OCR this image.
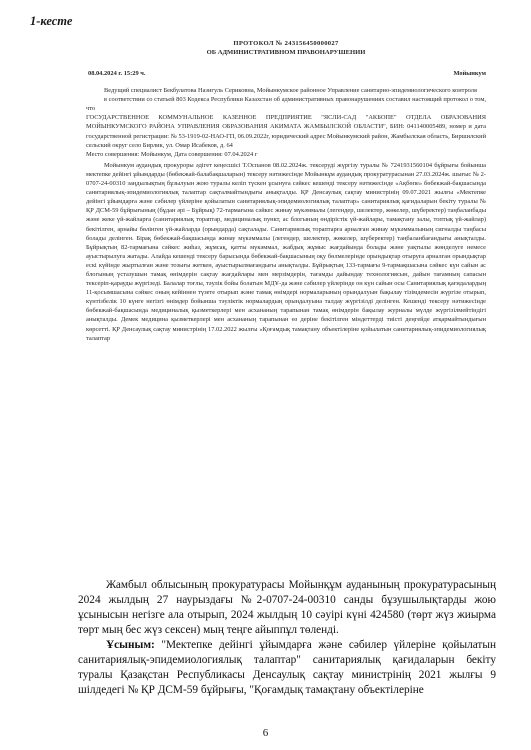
1-кесте
ПРОТОКОЛ № 243156450000027
ОБ АДМИНИСТРАТИВНОМ ПРАВОНАРУШЕНИИ
08.04.2024 г. 15:29 ч.	Мойынкум

Ведущий специалист Бекбулатова Назигуль Сериковна, Мойынкумское районное Управление санитарно-эпидемиологического контроля

в соответствии со статьей 803 Кодекса Республики Казахстан об административных правонарушениях составил настоящий протокол о том, что

ГОСУДАРСТВЕННОЕ КОММУНАЛЬНОЕ КАЗЕННОЕ ПРЕДПРИЯТИЕ "ЯСЛИ-САД "АКБОПЕ" ОТДЕЛА ОБРАЗОВАНИЯ МОЙЫНКУМСКОГО РАЙОНА УПРАВЛЕНИЯ ОБРАЗОВАНИЯ АКИМАТА ЖАМБЫЛСКОЙ ОБЛАСТИ", БИН: 041140005489, номер и дата государственной регистрации: № 53-1919-02-НАО-ГП, 06.09.2022г, юридический адрес Мойынкумский район, Жамбылская область, Биршилский сельский округ село Бирлик, ул. Омар Исабеков, д. 64

Место совершения: Мойынкум, Дата совершения: 07.04.2024 г

Мойынкум аудандық прокуроры әдігет кеңесшісі Т.Оспанов 08.02.2024ж. тексеруді жүргізу туралы № 7241931560104 бұйрығы бойынша мектепке дейінгі ұйымдарды (бөбекжай-балабақшаларын) тексеру нәтижесінде Мойынкұм аудандық прокуратурасынан 27.03.2024ж. шығыс № 2-0707-24-00310 заңдылықтың бұзылуын жою туралы келіп түскен ұсынуға сәйкес кешенді тексеру нәтижесінде «Ақбөпе» бөбекжай-бақшасында санитариялық-эпидемиологиялық талаптар сақталмайтындығы анықталды. ҚР Денсаулық сақтау министрінің 09.07.2021 жылғы «Мектепке дейінгі ұйымдарға және сәбилер үйлеріне қойылатын санитариялық-эпидемиологиялық талаптар» санитариялық қағидаларын бекіту туралы № ҚР ДСМ-59 бұйрығының (бұдан әрі – Бұйрық) 72-тармағына сәйкес жинау мүкәммалы (легендер, шелектер, жөкелер, шүберектер) таңбаланбады және жеке үй-жайларға (санитариялық тораптар, медициналық пункт, ас блогының өндірістік үй-жайлары, тамақтану залы, топтық үй-жайлар) бекітілген, арнайы бөлінген үй-жайларда (орындарда) сақталады. Санитариялық тораптарға арналған жинау мүкәммалының сигналды таңбасы болады делінген. Бірақ бөбекжай-бақшасында жинау мүкәммалы (легендер, шелектер, жөкелер, шүберектер) таңбаланбағандығы анықталды. Бұйрықтың 82-тармағына сәйкес жиһаз, жұмсақ, қатты мүкәммал, жабдық жұмыс жағдайында болады және уақтылы жөнделуге немесе ауыстырылуға жатады. Алайда кешенді тексеру барысында бөбекжай-бақшасының оқу бөлмелерінде орындықтар отыруға арналған орындықтар ескі күйінде жыртылған және тозығы жеткен, ауыстырылмағандығы анықталды. Бұйрықтың 133-тармағы 9-тармақшасына сәйкес күн сайын ас блогының үстазушын тамақ өнімдерін сақтау жағдайлары мен мерзімдерін, тағамды дайындау технологиясын, дайын тағамның сапасын тексеріп-қарауды жүргізеді. Балалар тоғлы, тәулік бойы болатын МДҰ-да және сәбилер үйлерінде он күн сайын осы Санитариялық қағидалардың 11-қосымшасына сәйкес оның кейіннен түзете отырып және тамақ өнімдері нормаларының орындалуын бақылау тізімдемесін жүргізе отырып, күнтізбелік 10 күнге негізгі өнімдер бойынша тәуліктік нормалардың орындалуына талдау жүргізілді делінген. Кешенді тексеру нәтижесінде бөбекжай-бақшасында медициналық қызметкерлері мен асхананың тарапынан тамақ өнімдерін бақылау журналы мүлде жүргізілмейтіндігі анықталды. Демек медицина қызметкерлері мен асхананың тарапынан өз дерiне бекiтiлген мiндеттерді тиiстi деңгейде атқармайтындығын көрсетті. ҚР Денсаулық сақтау министрінің 17.02.2022 жылғы «Қоғамдық тамақтану объектілеріне қойылатын санитариялық-эпидемиологиялық талаптар

Жамбыл облысының прокуратурасы Мойынқұм ауданының прокуратурасының 2024 жылдың 27 наурыздағы №2-0707-24-00310 санды бұзушылықтарды жою ұсынысын негізге ала отырып, 2024 жылдың 10 сәуірі күні 424580 (төрт жүз жиырма төрт мың бес жүз сексен) мың теңге айыппұл төленді.

Ұсыным: "Мектепке дейінгі ұйымдарға және сәбилер үйлеріне қойылатын санитариялық-эпидемиологиялық талаптар" санитариялық қағидаларын бекіту туралы Қазақстан Республикасы Денсаулық сақтау министрінің 2021 жылғы 9 шілдедегі № ҚР ДСМ-59 бұйрығы, "Қоғамдық тамақтану объектілеріне

6
